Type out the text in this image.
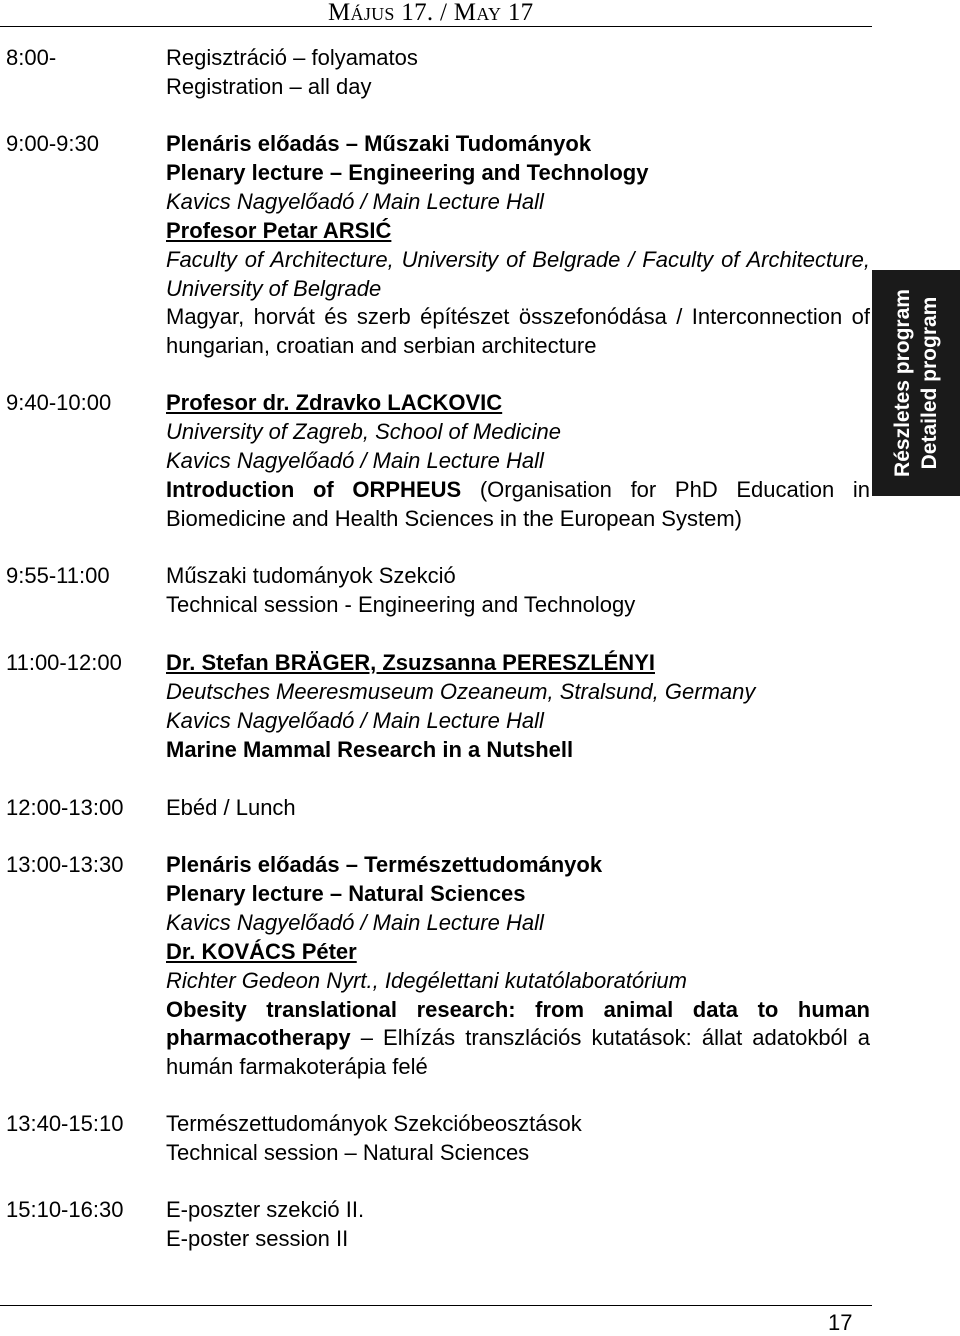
Május 17. / May 17
8:00-	Regisztráció – folyamatos
Registration – all day
9:00-9:30	Plenáris előadás – Műszaki Tudományok
Plenary lecture – Engineering and Technology
Kavics Nagyelőadó / Main Lecture Hall
Profesor Petar ARSIĆ
Faculty of Architecture, University of Belgrade / Faculty of Architecture, University of Belgrade
Magyar, horvát és szerb építészet összefonódása / Interconnection of hungarian, croatian and serbian architecture
9:40-10:00 Profesor dr. Zdravko LACKOVIC
University of Zagreb, School of Medicine
Kavics Nagyelőadó / Main Lecture Hall
Introduction of ORPHEUS (Organisation for PhD Education in Biomedicine and Health Sciences in the European System)
9:55-11:00	Műszaki tudományok Szekció
Technical session - Engineering and Technology
11:00-12:00 Dr. Stefan BRÄGER, Zsuzsanna PERESZLÉNYI
Deutsches Meeresmuseum Ozeaneum, Stralsund, Germany
Kavics Nagyelőadó / Main Lecture Hall
Marine Mammal Research in a Nutshell
12:00-13:00 Ebéd / Lunch
13:00-13:30 Plenáris előadás – Természettudományok
Plenary lecture – Natural Sciences
Kavics Nagyelőadó / Main Lecture Hall
Dr. KOVÁCS Péter
Richter Gedeon Nyrt., Idegélettani kutatólaboratórium
Obesity translational research: from animal data to human pharmacotherapy – Elhízás transzlációs kutatások: állat adatokból a humán farmakoterápia felé
13:40-15:10 Természettudományok Szekcióbeosztások
Technical session – Natural Sciences
15:10-16:30 E-poszter szekció II.
E-poster session II
Részletes program Detailed program
17
